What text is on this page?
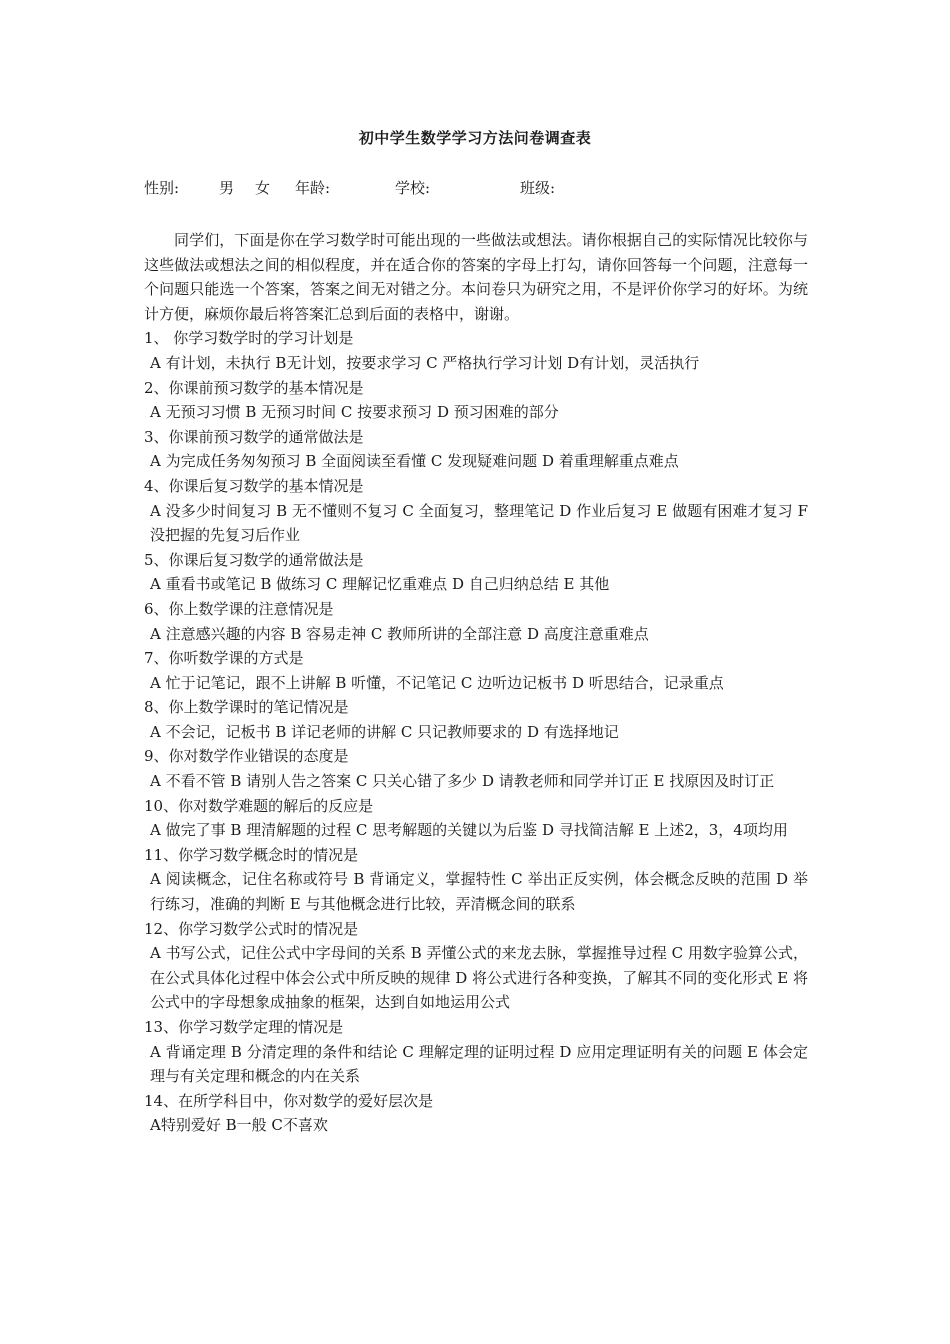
初中学生数学学习方法问卷调查表
性别:	男 女 年龄:	学校:	班级:

同学们，下面是你在学习数学时可能出现的一些做法或想法。请你根据自己的实际情况比较你与这些做法或想法之间的相似程度，并在适合你的答案的字母上打勾，请你回答每一个问题，注意每一个问题只能选一个答案，答案之间无对错之分。本问卷只为研究之用，不是评价你学习的好坏。为统计方便，麻烦你最后将答案汇总到后面的表格中，谢谢。

1、 你学习数学时的学习计划是

A 有计划，未执行 B无计划，按要求学习 C 严格执行学习计划 D有计划，灵活执行

2、你课前预习数学的基本情况是

A 无预习习惯 B 无预习时间 C 按要求预习 D 预习困难的部分

3、你课前预习数学的通常做法是

A 为完成任务匆匆预习 B 全面阅读至看懂 C 发现疑难问题 D 着重理解重点难点

4、你课后复习数学的基本情况是

A 没多少时间复习 B 无不懂则不复习 C 全面复习，整理笔记 D 作业后复习 E 做题有困难才复习 F 没把握的先复习后作业

5、你课后复习数学的通常做法是

A 重看书或笔记 B 做练习 C 理解记忆重难点 D 自己归纳总结 E 其他

6、你上数学课的注意情况是

A 注意感兴趣的内容 B 容易走神 C 教师所讲的全部注意 D 高度注意重难点

7、你听数学课的方式是

A 忙于记笔记，跟不上讲解 B 听懂，不记笔记 C 边听边记板书 D 听思结合，记录重点

8、你上数学课时的笔记情况是

A 不会记，记板书 B 详记老师的讲解 C 只记教师要求的 D 有选择地记

9、你对数学作业错误的态度是

A 不看不管 B 请别人告之答案 C 只关心错了多少 D 请教老师和同学并订正 E 找原因及时订正

10、你对数学难题的解后的反应是

A 做完了事 B 理清解题的过程 C 思考解题的关键以为后鉴 D 寻找简洁解 E 上述2，3，4项均用

11、你学习数学概念时的情况是

A 阅读概念，记住名称或符号 B 背诵定义，掌握特性 C 举出正反实例，体会概念反映的范围 D 举行练习，准确的判断 E 与其他概念进行比较，弄清概念间的联系

12、你学习数学公式时的情况是

A 书写公式，记住公式中字母间的关系 B 弄懂公式的来龙去脉，掌握推导过程 C 用数字验算公式，在公式具体化过程中体会公式中所反映的规律 D 将公式进行各种变换，了解其不同的变化形式 E 将公式中的字母想象成抽象的框架，达到自如地运用公式

13、你学习数学定理的情况是

A 背诵定理 B 分清定理的条件和结论 C 理解定理的证明过程 D 应用定理证明有关的问题 E 体会定理与有关定理和概念的内在关系

14、在所学科目中，你对数学的爱好层次是

A特别爱好 B一般 C不喜欢
